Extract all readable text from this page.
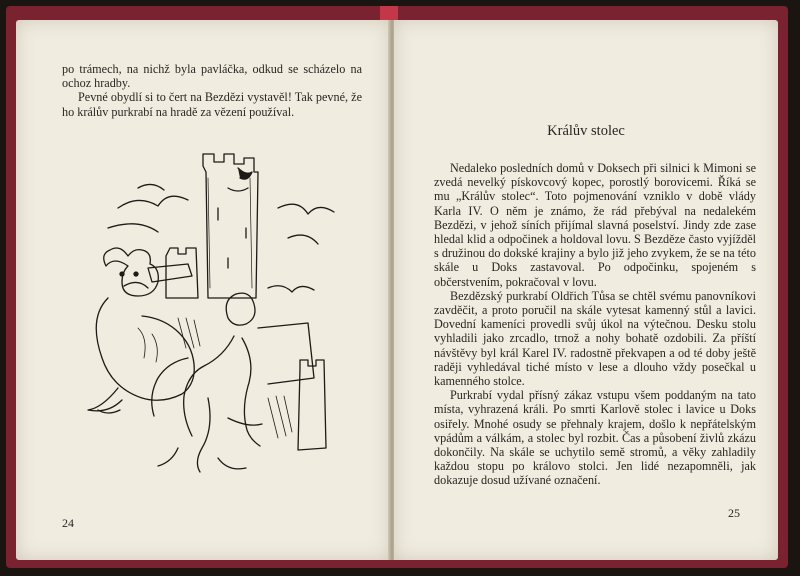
po trámech, na nichž byla pavláčka, odkud se scházelo na ochoz hradby.

Pevné obydlí si to čert na Bezdězi vystavěl! Tak pevné, že ho králův purkrabí na hradě za vězení používal.

24
Králův stolec

Nedaleko posledních domů v Doksech při silnici k Mimoni se zvedá nevelký pískovcový kopec, porostlý borovicemi. Říká se mu „Králův stolec“. Toto pojmenování vzniklo v době vlády Karla IV. O něm je známo, že rád přebýval na nedalekém Bezdězi, v jehož síních přijímal slavná poselství. Jindy zde zase hledal klid a odpočinek a holdoval lovu. S Bezděze často vyjížděl s družinou do dokské krajiny a bylo již jeho zvykem, že se na této skále u Doks zastavoval. Po odpočinku, spojeném s občerstvením, pokračoval v lovu.

Bezdězský purkrabí Oldřich Tůsa se chtěl svému panovníkovi zavděčit, a proto poručil na skále vytesat kamenný stůl a lavici. Dovední kameníci provedli svůj úkol na výtečnou. Desku stolu vyhladili jako zrcadlo, trnož a nohy bohatě ozdobili. Za příští návštěvy byl král Karel IV. radostně překvapen a od té doby ještě raději vyhledával tiché místo v lese a dlouho vždy posečkal u kamenného stolce.

Purkrabí vydal přísný zákaz vstupu všem poddaným na tato místa, vyhrazená králi. Po smrti Karlově stolec i lavice u Doks osiřely. Mnohé osudy se přehnaly krajem, došlo k nepřátelským vpádům a válkám, a stolec byl rozbit. Čas a působení živlů zkázu dokončily. Na skále se uchytilo semě stromů, a věky zahladily každou stopu po královo stolci. Jen lidé nezapomněli, jak dokazuje dosud užívané označení.

25
